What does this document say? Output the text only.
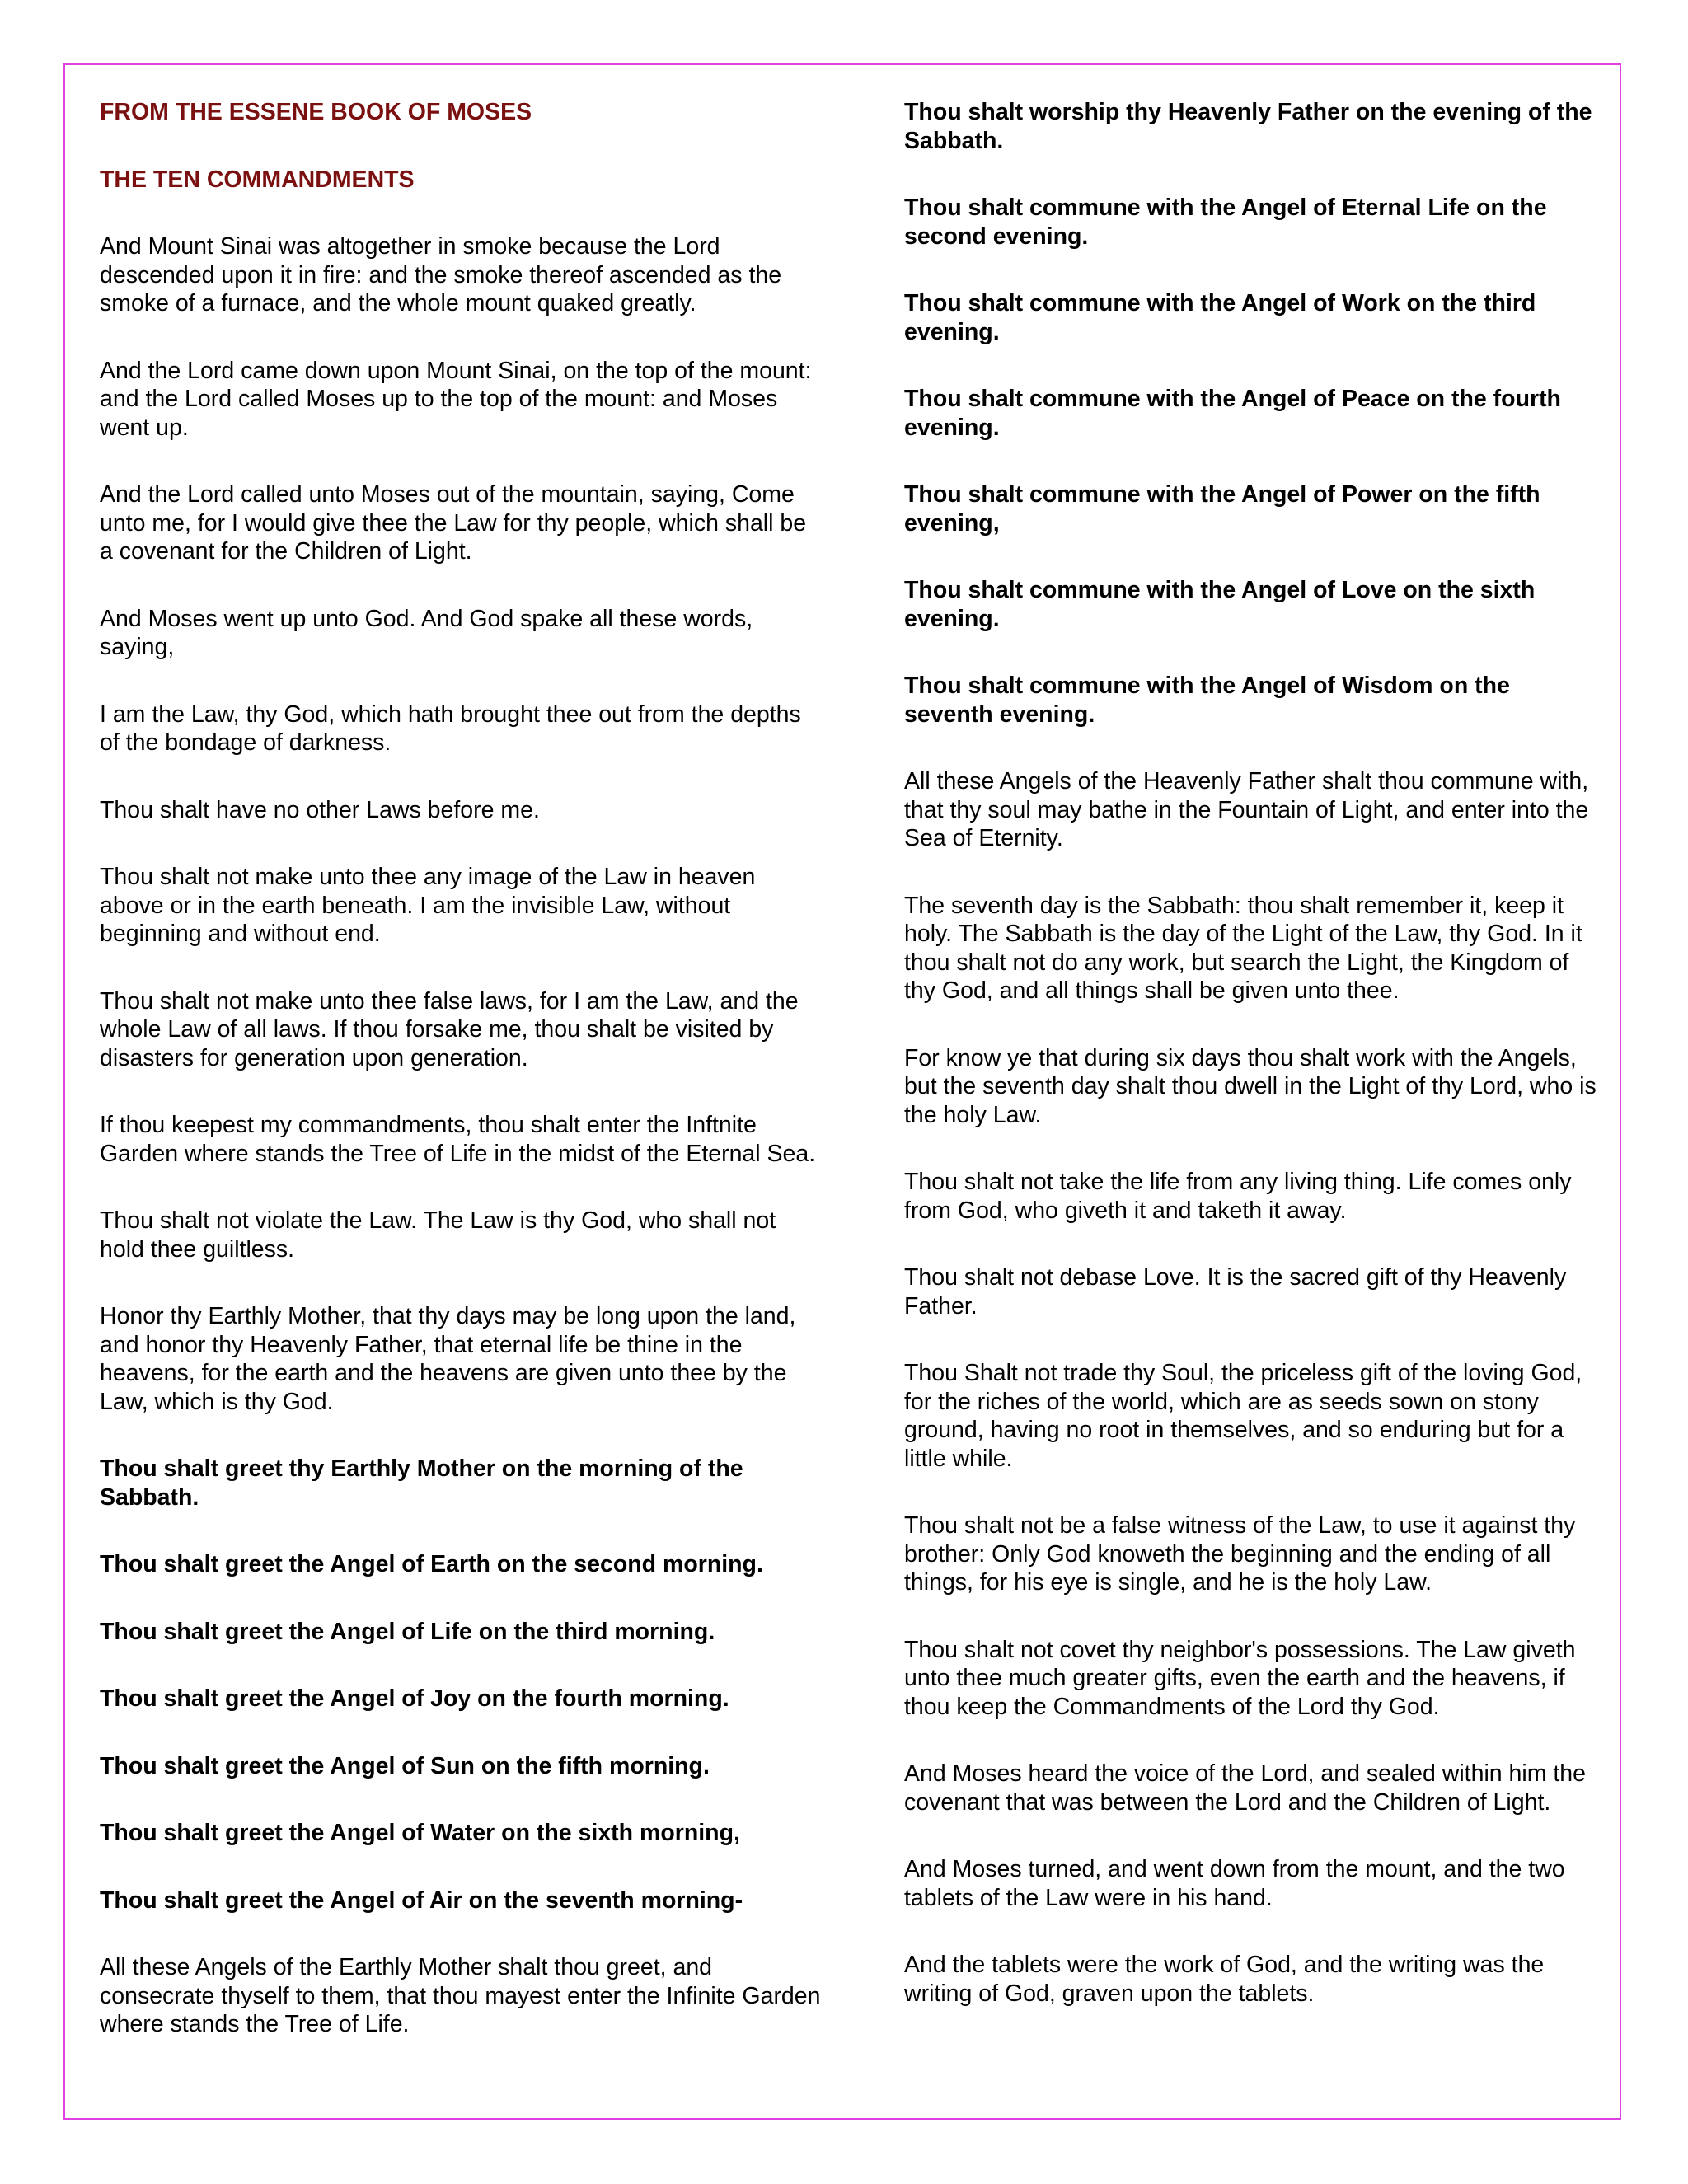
FROM THE ESSENE BOOK OF MOSES

THE TEN COMMANDMENTS

And Mount Sinai was altogether in smoke because the Lord descended upon it in fire: and the smoke thereof ascended as the smoke of a furnace, and the whole mount quaked greatly.

And the Lord came down upon Mount Sinai, on the top of the mount: and the Lord called Moses up to the top of the mount: and Moses went up.

And the Lord called unto Moses out of the mountain, saying, Come unto me, for I would give thee the Law for thy people, which shall be a covenant for the Children of Light.

And Moses went up unto God. And God spake all these words, saying,

I am the Law, thy God, which hath brought thee out from the depths of the bondage of darkness.

Thou shalt have no other Laws before me.

Thou shalt not make unto thee any image of the Law in heaven above or in the earth beneath. I am the invisible Law, without beginning and without end.

Thou shalt not make unto thee false laws, for I am the Law, and the whole Law of all laws. If thou forsake me, thou shalt be visited by disasters for generation upon generation.

If thou keepest my commandments, thou shalt enter the Inftnite Garden where stands the Tree of Life in the midst of the Eternal Sea.

Thou shalt not violate the Law. The Law is thy God, who shall not hold thee guiltless.

Honor thy Earthly Mother, that thy days may be long upon the land, and honor thy Heavenly Father, that eternal life be thine in the heavens, for the earth and the heavens are given unto thee by the Law, which is thy God.

Thou shalt greet thy Earthly Mother on the morning of the Sabbath.

Thou shalt greet the Angel of Earth on the second morning.

Thou shalt greet the Angel of Life on the third morning.

Thou shalt greet the Angel of Joy on the fourth morning.

Thou shalt greet the Angel of Sun on the fifth morning.

Thou shalt greet the Angel of Water on the sixth morning,

Thou shalt greet the Angel of Air on the seventh morning-

All these Angels of the Earthly Mother shalt thou greet, and consecrate thyself to them, that thou mayest enter the Infinite Garden where stands the Tree of Life.

Thou shalt worship thy Heavenly Father on the evening of the Sabbath.

Thou shalt commune with the Angel of Eternal Life on the second evening.

Thou shalt commune with the Angel of Work on the third evening.

Thou shalt commune with the Angel of Peace on the fourth evening.

Thou shalt commune with the Angel of Power on the fifth evening,

Thou shalt commune with the Angel of Love on the sixth evening.

Thou shalt commune with the Angel of Wisdom on the seventh evening.

All these Angels of the Heavenly Father shalt thou commune with, that thy soul may bathe in the Fountain of Light, and enter into the Sea of Eternity.

The seventh day is the Sabbath: thou shalt remember it, keep it holy. The Sabbath is the day of the Light of the Law, thy God. In it thou shalt not do any work, but search the Light, the Kingdom of thy God, and all things shall be given unto thee.

For know ye that during six days thou shalt work with the Angels, but the seventh day shalt thou dwell in the Light of thy Lord, who is the holy Law.

Thou shalt not take the life from any living thing. Life comes only from God, who giveth it and taketh it away.

Thou shalt not debase Love. It is the sacred gift of thy Heavenly Father.

Thou Shalt not trade thy Soul, the priceless gift of the loving God, for the riches of the world, which are as seeds sown on stony ground, having no root in themselves, and so enduring but for a little while.

Thou shalt not be a false witness of the Law, to use it against thy brother: Only God knoweth the beginning and the ending of all things, for his eye is single, and he is the holy Law.

Thou shalt not covet thy neighbor's possessions. The Law giveth unto thee much greater gifts, even the earth and the heavens, if thou keep the Commandments of the Lord thy God.

And Moses heard the voice of the Lord, and sealed within him the covenant that was between the Lord and the Children of Light.

And Moses turned, and went down from the mount, and the two tablets of the Law were in his hand.

And the tablets were the work of God, and the writing was the writing of God, graven upon the tablets.
